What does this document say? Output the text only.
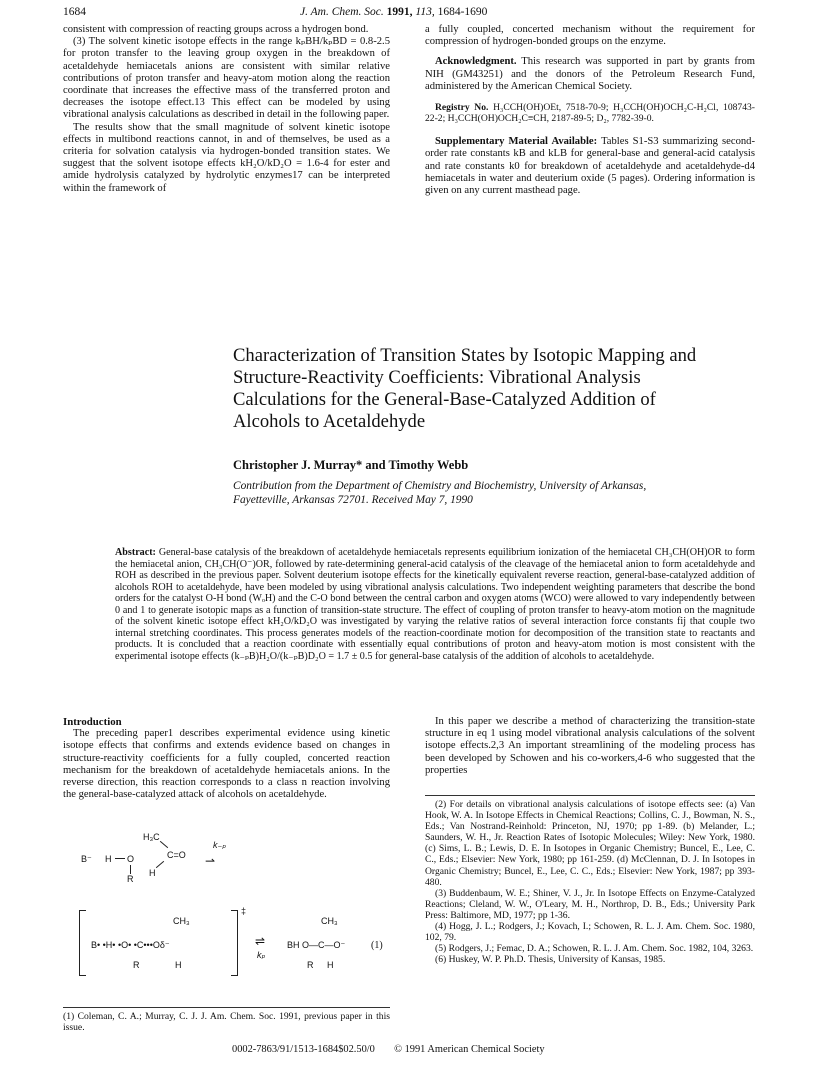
1684	J. Am. Chem. Soc. 1991, 113, 1684-1690

consistent with compression of reacting groups across a hydrogen bond.

(3) The solvent kinetic isotope effects in the range kₚBH/kₚBD = 0.8-2.5 for proton transfer to the leaving group oxygen in the breakdown of acetaldehyde hemiacetals anions are consistent with similar relative contributions of proton transfer and heavy-atom motion along the reaction coordinate that increases the effective mass of the transferred proton and decreases the isotope effect.13 This effect can be modeled by using vibrational analysis calculations as described in detail in the following paper.

The results show that the small magnitude of solvent kinetic isotope effects in multibond reactions cannot, in and of themselves, be used as a criteria for solvation catalysis via hydrogen-bonded transition states. We suggest that the solvent isotope effects kH₂O/kD₂O = 1.6-4 for ester and amide hydrolysis catalyzed by hydrolytic enzymes17 can be interpreted within the framework of

a fully coupled, concerted mechanism without the requirement for compression of hydrogen-bonded groups on the enzyme.

Acknowledgment. This research was supported in part by grants from NIH (GM43251) and the donors of the Petroleum Research Fund, administered by the American Chemical Society.

Registry No. H₃CCH(OH)OEt, 7518-70-9; H₃CCH(OH)OCH₂C-H₂Cl, 108743-22-2; H₃CCH(OH)OCH₂C≡CH, 2187-89-5; D₂, 7782-39-0.

Supplementary Material Available: Tables S1-S3 summarizing second-order rate constants kB and kLB for general-base and general-acid catalysis and rate constants k0 for breakdown of acetaldehyde and acetaldehyde-d4 hemiacetals in water and deuterium oxide (5 pages). Ordering information is given on any current masthead page.

Characterization of Transition States by Isotopic Mapping and
Structure-Reactivity Coefficients: Vibrational Analysis
Calculations for the General-Base-Catalyzed Addition of
Alcohols to Acetaldehyde
Christopher J. Murray* and Timothy Webb
Contribution from the Department of Chemistry and Biochemistry, University of Arkansas,
Fayetteville, Arkansas 72701. Received May 7, 1990
Abstract: General-base catalysis of the breakdown of acetaldehyde hemiacetals represents equilibrium ionization of the hemiacetal CH₃CH(OH)OR to form the hemiacetal anion, CH₃CH(O⁻)OR, followed by rate-determining general-acid catalysis of the cleavage of the hemiacetal anion to form acetaldehyde and ROH as described in the previous paper. Solvent deuterium isotope effects for the kinetically equivalent reverse reaction, general-base-catalyzed addition of alcohols ROH to acetaldehyde, have been modeled by using vibrational analysis calculations. Two independent weighting parameters that describe the bond orders for the catalyst O-H bond (WₒH) and the C-O bond between the central carbon and oxygen atoms (WCO) were allowed to vary independently between 0 and 1 to generate isotopic maps as a function of transition-state structure. The effect of coupling of proton transfer to heavy-atom motion on the magnitude of the solvent kinetic isotope effect kH₂O/kD₂O was investigated by varying the relative ratios of several interaction force constants fij that couple two internal stretching coordinates. This process generates models of the reaction-coordinate motion for decomposition of the transition state to reactants and products. It is concluded that a reaction coordinate with essentially equal contributions of proton and heavy-atom motion is most consistent with the experimental isotope effects (k₋ₚB)H₂O/(k₋ₚB)D₂O = 1.7 ± 0.5 for general-base catalysis of the addition of alcohols to acetaldehyde.
Introduction

The preceding paper1 describes experimental evidence using kinetic isotope effects that confirms and extends evidence based on changes in structure-reactivity coefficients for a fully coupled, concerted reaction mechanism for the breakdown of acetaldehyde hemiacetals anions. In the reverse direction, this reaction corresponds to a class n reaction involving the general-base-catalyzed attack of alcohols on acetaldehyde.

B⁻ H O
R
H₃C
C=O
H
k₋ₚ
⇀
‡
CH₃
B• •H• •O• •C•••Oδ⁻
R	H
⇌
kₚ
CH₃
BH O—C—O⁻
R H
(1)

(1) Coleman, C. A.; Murray, C. J. J. Am. Chem. Soc. 1991, previous paper in this issue.

In this paper we describe a method of characterizing the transition-state structure in eq 1 using model vibrational analysis calculations of the solvent isotope effects.2,3 An important streamlining of the modeling process has been developed by Schowen and his co-workers,4-6 who suggested that the properties

(2) For details on vibrational analysis calculations of isotope effects see: (a) Van Hook, W. A. In Isotope Effects in Chemical Reactions; Collins, C. J., Bowman, N. S., Eds.; Van Nostrand-Reinhold: Princeton, NJ, 1970; pp 1-89. (b) Melander, L.; Saunders, W. H., Jr. Reaction Rates of Isotopic Molecules; Wiley: New York, 1980. (c) Sims, L. B.; Lewis, D. E. In Isotopes in Organic Chemistry; Buncel, E., Lee, C. C., Eds.; Elsevier: New York, 1980; pp 161-259. (d) McClennan, D. J. In Isotopes in Organic Chemistry; Buncel, E., Lee, C. C., Eds.; Elsevier: New York, 1987; pp 393-480.

(3) Buddenbaum, W. E.; Shiner, V. J., Jr. In Isotope Effects on Enzyme-Catalyzed Reactions; Cleland, W. W., O'Leary, M. H., Northrop, D. B., Eds.; University Park Press: Baltimore, MD, 1977; pp 1-36.

(4) Hogg, J. L.; Rodgers, J.; Kovach, I.; Schowen, R. L. J. Am. Chem. Soc. 1980, 102, 79.

(5) Rodgers, J.; Femac, D. A.; Schowen, R. L. J. Am. Chem. Soc. 1982, 104, 3263.

(6) Huskey, W. P. Ph.D. Thesis, University of Kansas, 1985.

0002-7863/91/1513-1684$02.50/0 © 1991 American Chemical Society
